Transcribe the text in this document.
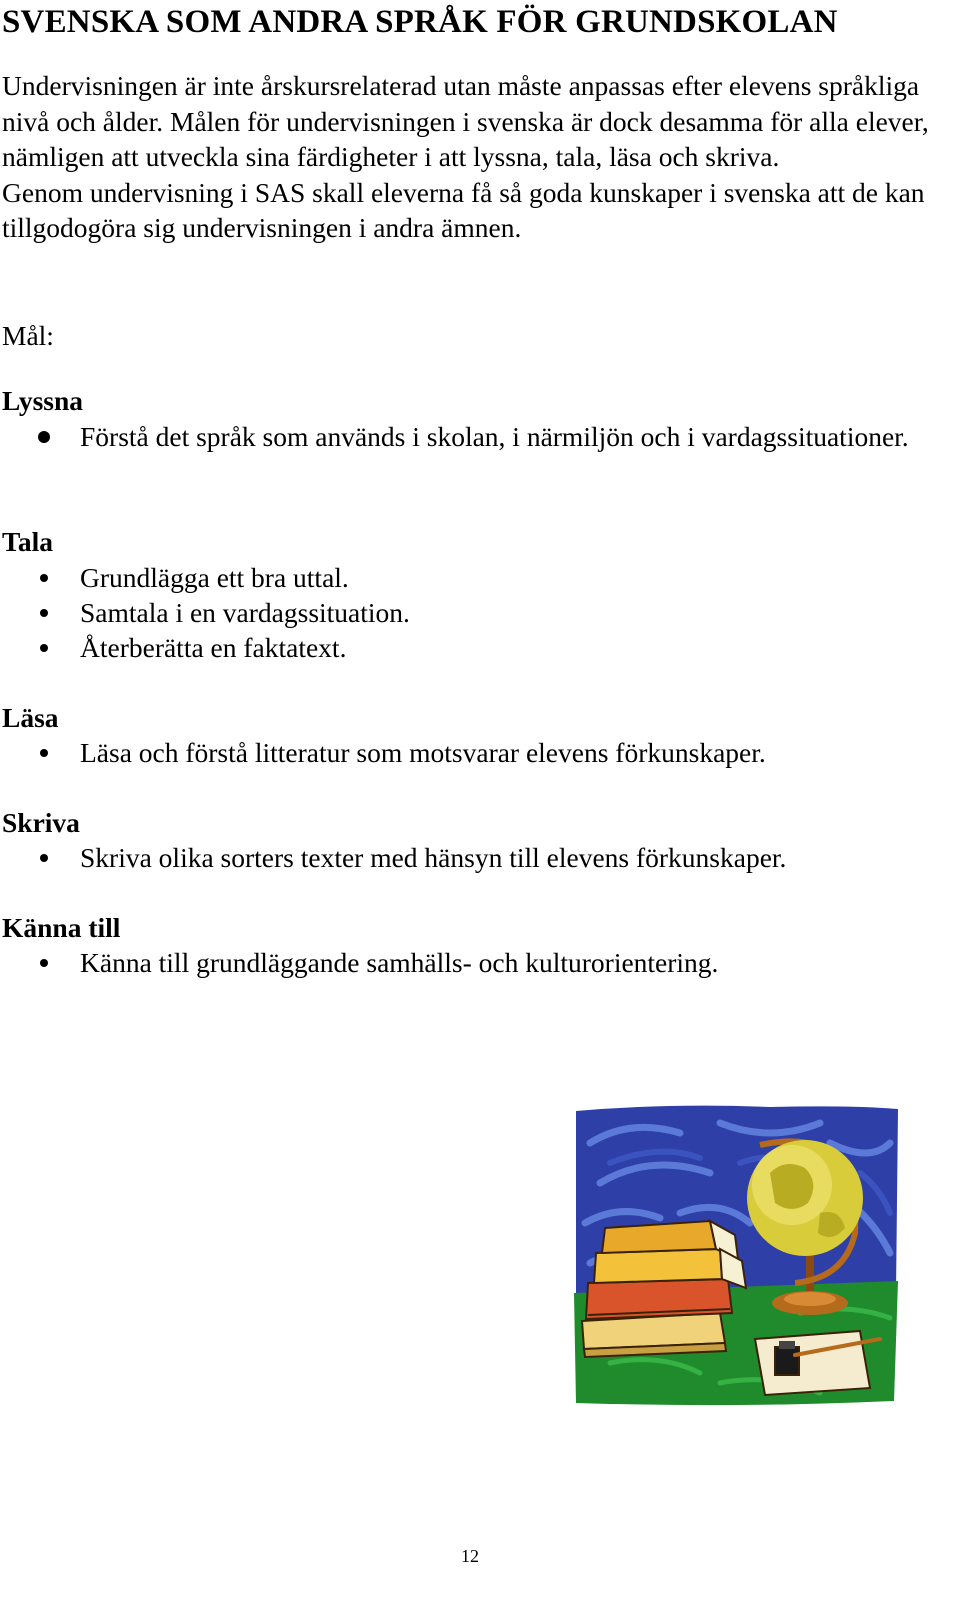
SVENSKA SOM ANDRA SPRÅK FÖR GRUNDSKOLAN

Undervisningen är inte årskursrelaterad utan måste anpassas efter elevens språkliga nivå och ålder. Målen för undervisningen i svenska är dock desamma för alla elever, nämligen att utveckla sina färdigheter i att lyssna, tala, läsa och skriva.

Genom undervisning i SAS skall eleverna få så goda kunskaper i svenska att de kan tillgodogöra sig undervisningen i andra ämnen.

Mål:
Lyssna
Förstå det språk som används i skolan, i närmiljön och i vardagssituationer.
Tala
Grundlägga ett bra uttal.
Samtala i en vardagssituation.
Återberätta en faktatext.
Läsa
Läsa och förstå litteratur som motsvarar elevens förkunskaper.
Skriva
Skriva olika sorters texter med hänsyn till elevens förkunskaper.
Känna till
Känna till grundläggande samhälls- och kulturorientering.
12
